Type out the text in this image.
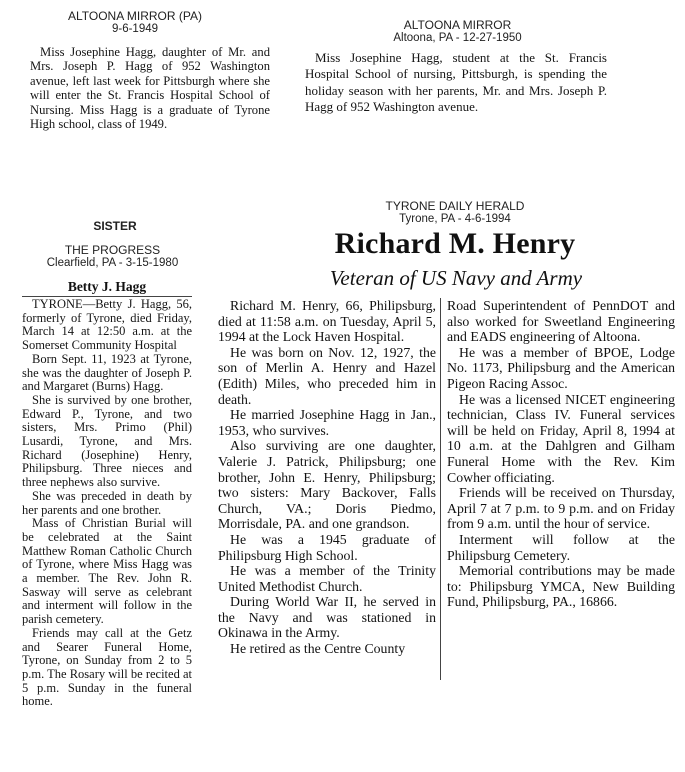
ALTOONA MIRROR (PA)
9-6-1949

Miss Josephine Hagg, daughter of Mr. and Mrs. Joseph P. Hagg of 952 Washington avenue, left last week for Pittsburgh where she will enter the St. Francis Hospital School of Nursing. Miss Hagg is a graduate of Tyrone High school, class of 1949.

ALTOONA MIRROR
Altoona, PA - 12-27-1950

Miss Josephine Hagg, student at the St. Francis Hospital School of nursing, Pittsburgh, is spending the holiday season with her parents, Mr. and Mrs. Joseph P. Hagg of 952 Washington avenue.

SISTER
THE PROGRESS
Clearfield, PA - 3-15-1980
Betty J. Hagg

TYRONE—Betty J. Hagg, 56, formerly of Tyrone, died Friday, March 14 at 12:50 a.m. at the Somerset Community Hospital

Born Sept. 11, 1923 at Tyrone, she was the daughter of Joseph P. and Margaret (Burns) Hagg.

She is survived by one brother, Edward P., Tyrone, and two sisters, Mrs. Primo (Phil) Lusardi, Tyrone, and Mrs. Richard (Josephine) Henry, Philipsburg. Three nieces and three nephews also survive.

She was preceded in death by her parents and one brother.

Mass of Christian Burial will be celebrated at the Saint Matthew Roman Catholic Church of Tyrone, where Miss Hagg was a member. The Rev. John R. Sasway will serve as celebrant and interment will follow in the parish cemetery.

Friends may call at the Getz and Searer Funeral Home, Tyrone, on Sunday from 2 to 5 p.m. The Rosary will be recited at 5 p.m. Sunday in the funeral home.

TYRONE DAILY HERALD
Tyrone, PA - 4-6-1994
Richard M. Henry
Veteran of US Navy and Army

Richard M. Henry, 66, Philipsburg, died at 11:58 a.m. on Tuesday, April 5, 1994 at the Lock Haven Hospital.

He was born on Nov. 12, 1927, the son of Merlin A. Henry and Hazel (Edith) Miles, who preceded him in death.

He married Josephine Hagg in Jan., 1953, who survives.

Also surviving are one daughter, Valerie J. Patrick, Philipsburg; one brother, John E. Henry, Philipsburg; two sisters: Mary Backover, Falls Church, VA.; Doris Piedmo, Morrisdale, PA. and one grandson.

He was a 1945 graduate of Philipsburg High School.

He was a member of the Trinity United Methodist Church.

During World War II, he served in the Navy and was stationed in Okinawa in the Army.

He retired as the Centre County

Road Superintendent of PennDOT and also worked for Sweetland Engineering and EADS engineering of Altoona.

He was a member of BPOE, Lodge No. 1173, Philipsburg and the American Pigeon Racing Assoc.

He was a licensed NICET engineering technician, Class IV. Funeral services will be held on Friday, April 8, 1994 at 10 a.m. at the Dahlgren and Gilham Funeral Home with the Rev. Kim Cowher officiating.

Friends will be received on Thursday, April 7 at 7 p.m. to 9 p.m. and on Friday from 9 a.m. until the hour of service.

Interment will follow at the Philipsburg Cemetery.

Memorial contributions may be made to: Philipsburg YMCA, New Building Fund, Philipsburg, PA., 16866.
